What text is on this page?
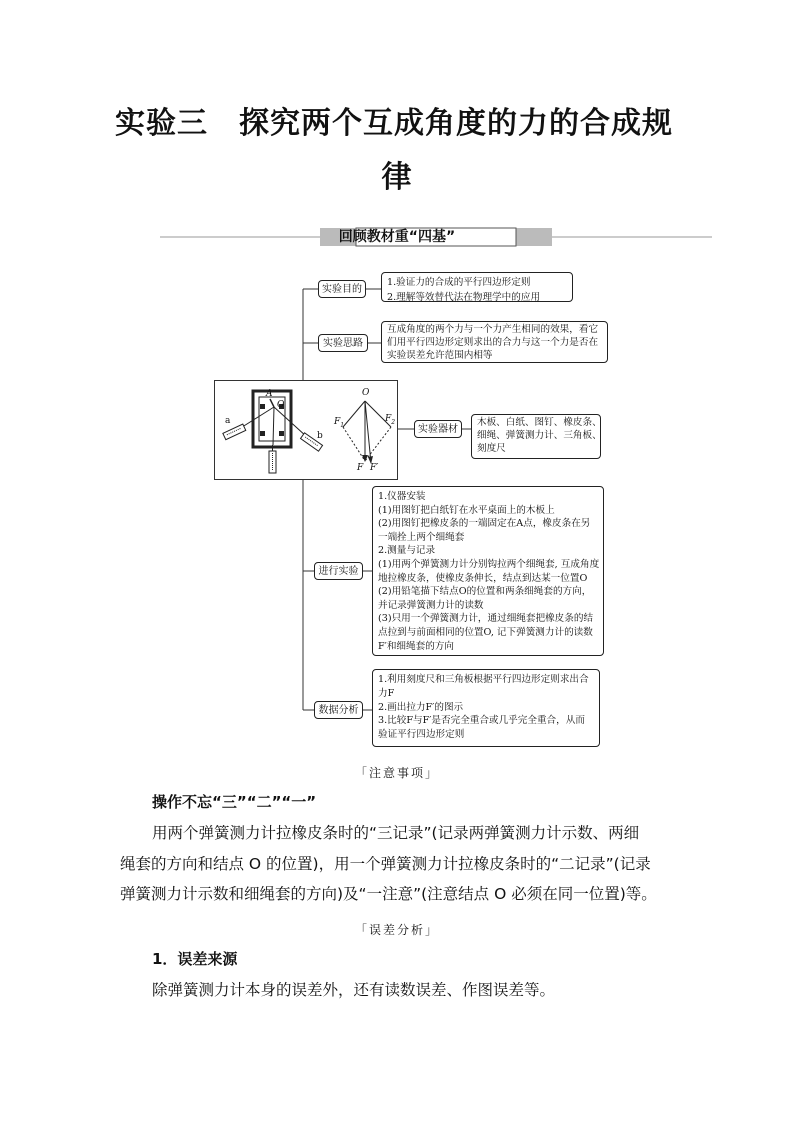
实验三　探究两个互成角度的力的合成规
律
回顾教材重“四基”
实验目的
1.验证力的合成的平行四边形定则
2.理解等效替代法在物理学中的应用
实验思路
互成角度的两个力与一个力产生相同的效果，看它
们用平行四边形定则求出的合力与这一个力是否在
实验误差允许范围内相等
A
O
a
b
O
$F_1$
$F_2$
F F′
实验器材
木板、白纸、图钉、橡皮条、
细绳、弹簧测力计、三角板、
刻度尺
进行实验
1.仪器安装
(1)用图钉把白纸钉在水平桌面上的木板上
(2)用图钉把橡皮条的一端固定在A点，橡皮条在另
一端拴上两个细绳套
2.测量与记录
(1)用两个弹簧测力计分别钩拉两个细绳套, 互成角度
地拉橡皮条，使橡皮条伸长，结点到达某一位置O
(2)用铅笔描下结点O的位置和两条细绳套的方向，
并记录弹簧测力计的读数
(3)只用一个弹簧测力计，通过细绳套把橡皮条的结
点拉到与前面相同的位置O, 记下弹簧测力计的读数
F′和细绳套的方向
数据分析
1.利用刻度尺和三角板根据平行四边形定则求出合
力F
2.画出拉力F′的图示
3.比较F与F′是否完全重合或几乎完全重合，从而
验证平行四边形定则
「注意事项」
操作不忘“三”“二”“一”
用两个弹簧测力计拉橡皮条时的“三记录”(记录两弹簧测力计示数、两细
绳套的方向和结点 O 的位置)，用一个弹簧测力计拉橡皮条时的“二记录”(记录
弹簧测力计示数和细绳套的方向)及“一注意”(注意结点 O 必须在同一位置)等。
「误差分析」
1．误差来源
除弹簧测力计本身的误差外，还有读数误差、作图误差等。
